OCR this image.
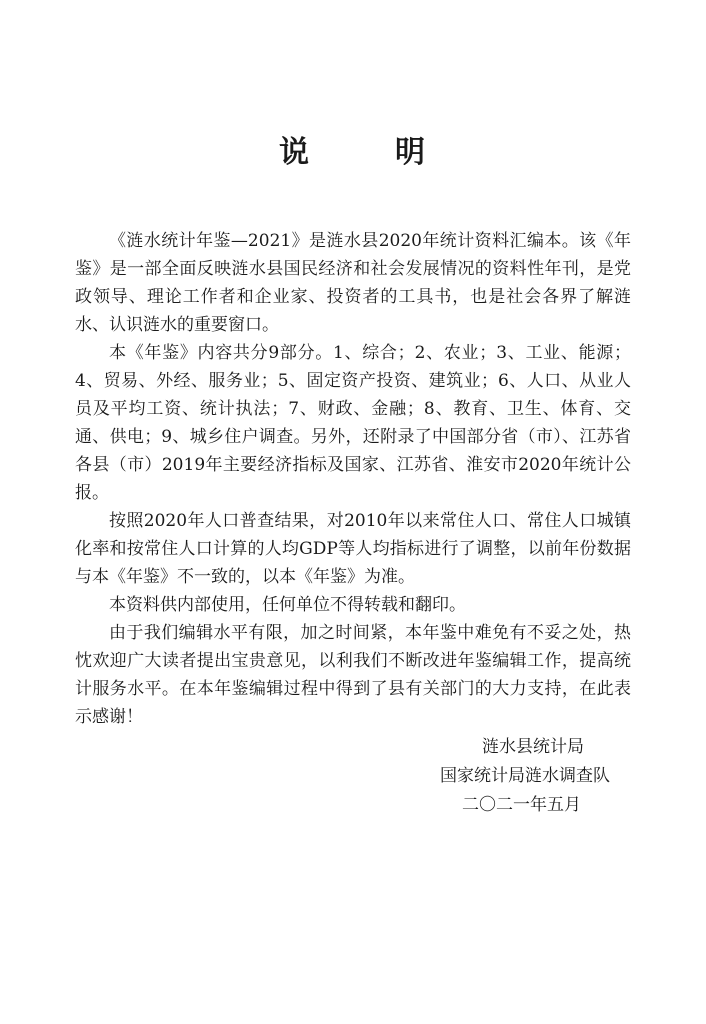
说	明

《涟水统计年鉴—2021》是涟水县2020年统计资料汇编本。该《年鉴》是一部全面反映涟水县国民经济和社会发展情况的资料性年刊，是党政领导、理论工作者和企业家、投资者的工具书，也是社会各界了解涟水、认识涟水的重要窗口。

本《年鉴》内容共分9部分。1、综合；2、农业；3、工业、能源；4、贸易、外经、服务业；5、固定资产投资、建筑业；6、人口、从业人员及平均工资、统计执法；7、财政、金融；8、教育、卫生、体育、交通、供电；9、城乡住户调查。另外，还附录了中国部分省（市）、江苏省各县（市）2019年主要经济指标及国家、江苏省、淮安市2020年统计公报。

按照2020年人口普查结果，对2010年以来常住人口、常住人口城镇化率和按常住人口计算的人均GDP等人均指标进行了调整，以前年份数据与本《年鉴》不一致的，以本《年鉴》为准。

本资料供内部使用，任何单位不得转载和翻印。

由于我们编辑水平有限，加之时间紧，本年鉴中难免有不妥之处，热忱欢迎广大读者提出宝贵意见，以利我们不断改进年鉴编辑工作，提高统计服务水平。在本年鉴编辑过程中得到了县有关部门的大力支持，在此表示感谢！

涟水县统计局
国家统计局涟水调查队
二〇二一年五月
